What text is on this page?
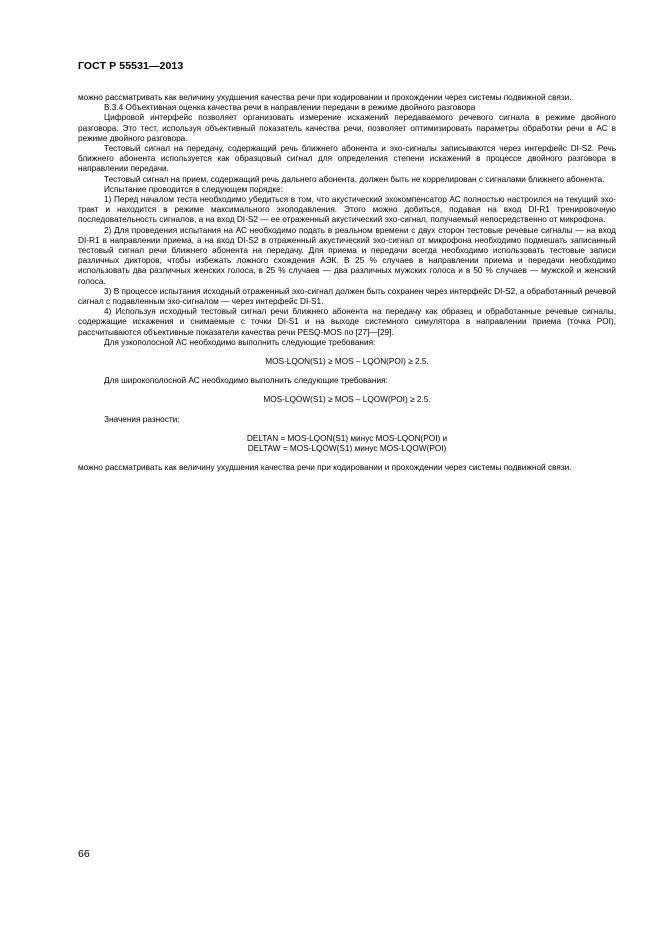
ГОСТ Р 55531—2013

можно рассматривать как величину ухудшения качества речи при кодировании и прохождении через системы подвижной связи.

В.3.4 Объективная оценка качества речи в направлении передачи в режиме двойного разговора

Цифровой интерфейс позволяет организовать измерение искажений передаваемого речевого сигнала в режиме двойного разговора. Это тест, используя объективный показатель качества речи, позволяет оптимизировать параметры обработки речи в АС в режиме двойного разговора.

Тестовый сигнал на передачу, содержащий речь ближнего абонента и эхо-сигналы записываются через интерфейс DI-S2. Речь ближнего абонента используется как образцовый сигнал для определения степени искажений в процессе двойного разговора в направлении передачи.

Тестовый сигнал на прием, содержащий речь дальнего абонента, должен быть не коррелирован с сигналами ближнего абонента.

Испытание проводится в следующем порядке:

1) Перед началом теста необходимо убедиться в том, что акустический эхокомпенсатор АС полностью настроился на текущий эхо-тракт и находится в режиме максимального эхоподавления. Этого можно добиться, подавая на вход DI-R1 тренировочную последовательность сигналов, а на вход DI-S2 — ее отраженный акустический эхо-сигнал, получаемый непосредственно от микрофона.

2) Для проведения испытания на АС необходимо подать в реальном времени с двух сторон тестовые речевые сигналы — на вход DI-R1 в направлении приема, а на вход DI-S2 в отраженный акустический эхо-сигнал от микрофона необходимо подмешать записанный тестовый сигнал речи ближнего абонента на передачу. Для приема и передачи всегда необходимо использовать тестовые записи различных дикторов, чтобы избежать ложного схождения АЭК. В 25 % случаев в направлении приема и передачи необходимо использовать два различных женских голоса, в 25 % случаев — два различных мужских голоса и в 50 % случаев — мужской и женский голоса.

3) В процессе испытания исходный отраженный эхо-сигнал должен быть сохранен через интерфейс DI-S2, а обработанный речевой сигнал с подавленным эхо-сигналом — через интерфейс DI-S1.

4) Используя исходный тестовый сигнал речи ближнего абонента на передачу как образец и обработанные речевые сигналы, содержащие искажения и снимаемые с точки DI-S1 и на выходе системного симулятора в направлении приема (точка POI), рассчитываются объективные показатели качества речи PESQ-MOS по [27]—[29].

Для узкополосной АС необходимо выполнить следующие требования:

MOS-LQON(S1) ≥ MOS – LQON(POI) ≥ 2.5.

Для широкополосной АС необходимо выполнить следующие требования:

MOS-LQOW(S1) ≥ MOS – LQOW(POI) ≥ 2.5.

Значения разности:

DELTAN = MOS-LQON(S1) минус MOS-LQON(POI) и

DELTAW = MOS-LQOW(S1) минус MOS-LQOW(POI)

можно рассматривать как величину ухудшения качества речи при кодировании и прохождении через системы подвижной связи.

66
